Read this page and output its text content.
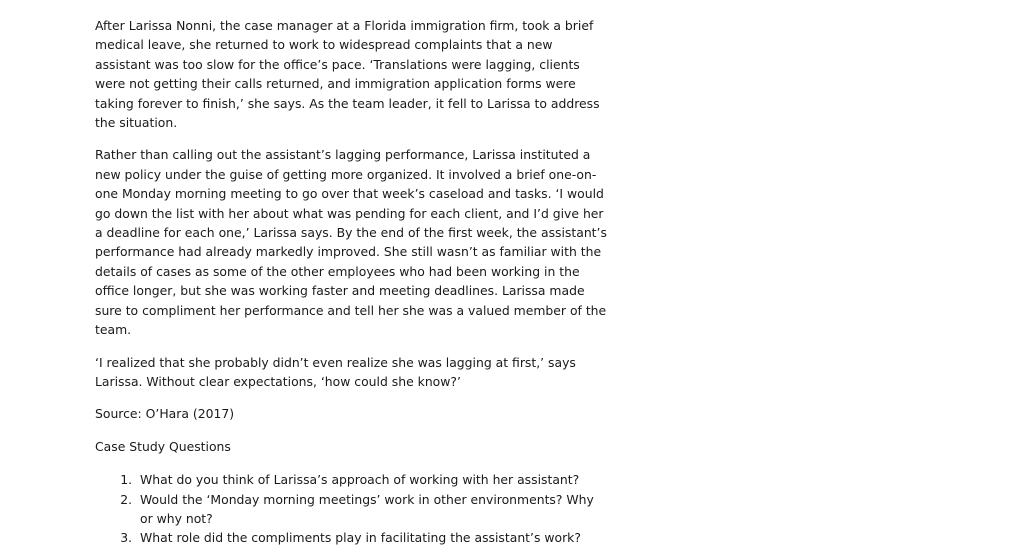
After Larissa Nonni, the case manager at a Florida immigration firm, took a brief medical leave, she returned to work to widespread complaints that a new assistant was too slow for the office’s pace. ‘Translations were lagging, clients were not getting their calls returned, and immigration application forms were taking forever to finish,’ she says. As the team leader, it fell to Larissa to address the situation.

Rather than calling out the assistant’s lagging performance, Larissa instituted a new policy under the guise of getting more organized. It involved a brief one-on-one Monday morning meeting to go over that week’s caseload and tasks. ‘I would go down the list with her about what was pending for each client, and I’d give her a deadline for each one,’ Larissa says. By the end of the first week, the assistant’s performance had already markedly improved. She still wasn’t as familiar with the details of cases as some of the other employees who had been working in the office longer, but she was working faster and meeting deadlines. Larissa made sure to compliment her performance and tell her she was a valued member of the team.

‘I realized that she probably didn’t even realize she was lagging at first,’ says Larissa. Without clear expectations, ‘how could she know?’

Source: O’Hara (2017)

Case Study Questions

1. What do you think of Larissa’s approach of working with her assistant?
2. Would the ‘Monday morning meetings’ work in other environments? Why or why not?
3. What role did the compliments play in facilitating the assistant’s work?
